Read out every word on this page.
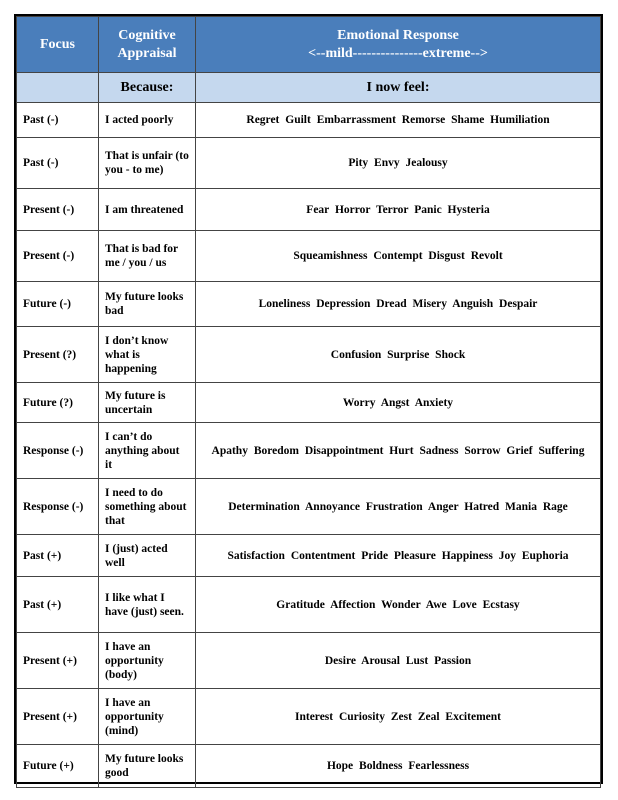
Focus	Cognitive Appraisal	Emotional Response
<--mild---------------extreme-->

	Because:	I now feel:
Past (-)	I acted poorly	Regret Guilt Embarrassment Remorse Shame Humiliation
Past (-)	That is unfair (to you - to me)	Pity Envy Jealousy
Present (-)	I am threatened	Fear Horror Terror Panic Hysteria
Present (-)	That is bad for me / you / us	Squeamishness Contempt Disgust Revolt
Future (-)	My future looks bad	Loneliness Depression Dread Misery Anguish Despair
Present (?)	I don’t know what is happening	Confusion Surprise Shock
Future (?)	My future is uncertain	Worry Angst Anxiety
Response (-)	I can’t do anything about it	Apathy Boredom Disappointment Hurt Sadness Sorrow Grief Suffering
Response (-)	I need to do something about that	Determination Annoyance Frustration Anger Hatred Mania Rage
Past (+)	I (just) acted well	Satisfaction Contentment Pride Pleasure Happiness Joy Euphoria
Past (+)	I like what I have (just) seen.	Gratitude Affection Wonder Awe Love Ecstasy
Present (+)	I have an opportunity (body)	Desire Arousal Lust Passion
Present (+)	I have an opportunity (mind)	Interest Curiosity Zest Zeal Excitement
Future (+)	My future looks good	Hope Boldness Fearlessness
